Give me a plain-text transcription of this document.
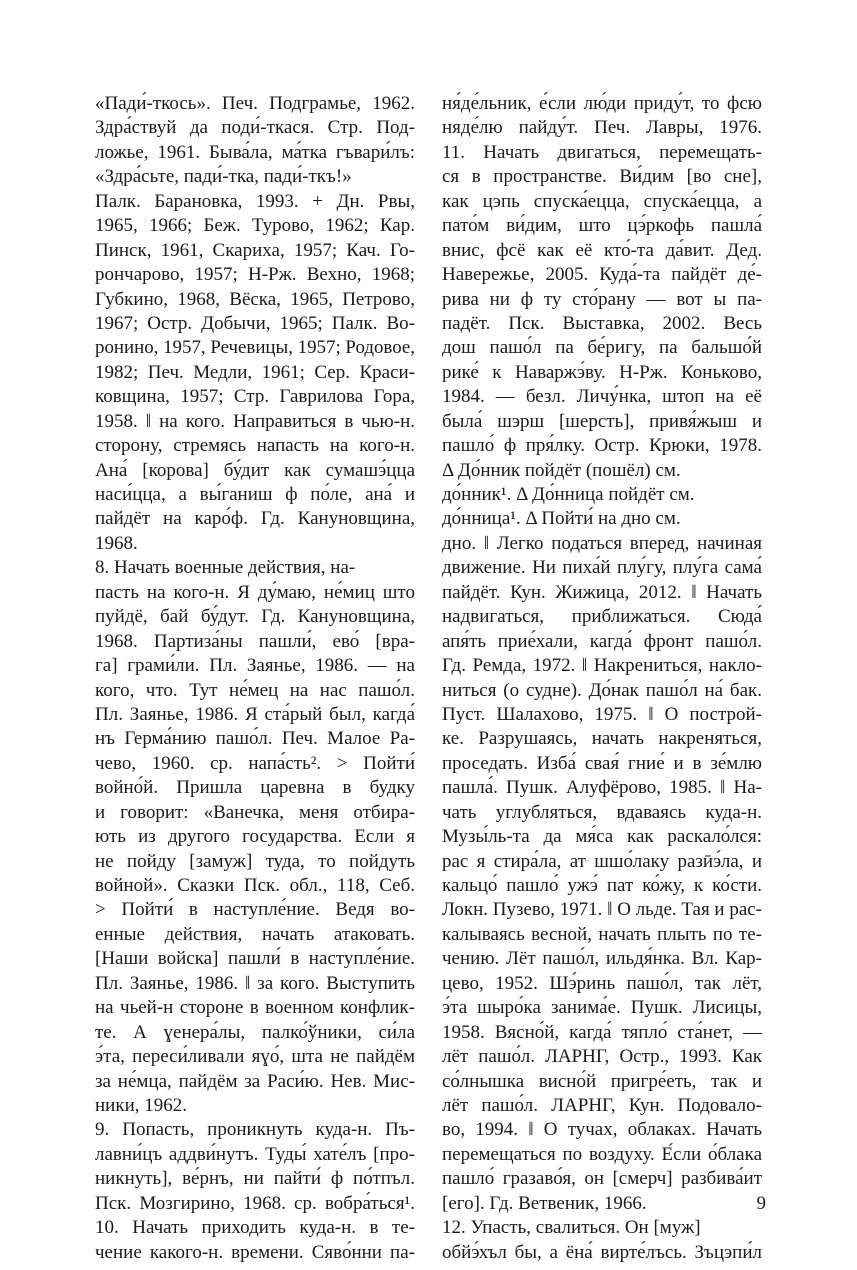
«Пади́-ткось». Печ. Подграмье, 1962.
Здра́ствуй да поди́-ткася. Стр. Под-
ложье, 1961. Быва́ла, ма́тка гъвари́лъ:
«Здра́сьте, пади́-тка, пади́-ткъ!»
Палк. Барановка, 1993. + Дн. Рвы,
1965, 1966; Беж. Турово, 1962; Кар.
Пинск, 1961, Скариха, 1957; Кач. Го-
рончарово, 1957; Н-Рж. Вехно, 1968;
Губкино, 1968, Вёска, 1965, Петрово,
1967; Остр. Добычи, 1965; Палк. Во-
ронино, 1957, Речевицы, 1957; Родовое,
1982; Печ. Медли, 1961; Сер. Краси-
ковщина, 1957; Стр. Гаврилова Гора,
1958. ‖ на кого. Направиться в чью-н.
сторону, стремясь напасть на кого-н.
Ана́ [корова] бу́дит как сумашэ́цца
наси́цца, а вы́ганиш ф по́ле, ана́ и
пайдёт на каро́ф. Гд. Кануновщина,
1968.
8. Начать военные действия, на-
пасть на кого-н. Я ду́маю, не́миц што
пуйдё, бай бу́дут. Гд. Кануновщина,
1968. Партиза́ны пашли́, ево́ [вра-
га] грами́ли. Пл. Заянье, 1986. — на
кого, что. Тут не́мец на нас пашо́л.
Пл. Заянье, 1986. Я ста́рый был, кагда́
нъ Герма́нию пашо́л. Печ. Малое Ра-
чево, 1960. ср. напа́сть². > Пойти́
войно́й. Пришла царевна в будку
и говорит: «Ванечка, меня отбира-
ють из другого государства. Если я
не пойду [замуж] туда, то пойдуть
войной». Сказки Пск. обл., 118, Себ.
> Пойти́ в наступле́ние. Ведя во-
енные действия, начать атаковать.
[Наши войска] пашли́ в наступле́ние.
Пл. Заянье, 1986. ‖ за кого. Выступить
на чьей-н стороне в военном конфлик-
те. А ɣенера́лы, палко́ўники, си́ла
э́та, переси́ливали яɣо́, шта не пайдём
за не́мца, пайдём за Раси́ю. Нев. Мис-
ники, 1962.
9. Попасть, проникнуть куда-н. Пъ-
лавни́цъ аддви́нутъ. Туды́ хате́лъ [про-
никнуть], ве́рнъ, ни пайти́ ф по́тпъл.
Пск. Мозгирино, 1968. ср. вобра́ться¹.
10. Начать приходить куда-н. в те-
чение какого-н. времени. Сяво́нни па-
ня́де́льник, е́сли лю́ди приду́т, то фсю
няде́лю пайду́т. Печ. Лавры, 1976.
11. Начать двигаться, перемещать-
ся в пространстве. Ви́дим [во сне],
как цэпь спуска́ецца, спуска́ецца, а
пато́м ви́дим, што цэ́ркофь пашла́
внис, фсё как её кто́-та да́вит. Дед.
Навережье, 2005. Куда́-та пайдёт де́-
рива ни ф ту сто́рану — вот ы па-
падёт. Пск. Выставка, 2002. Весь
дош пашо́л па бе́ригу, па бальшо́й
рике́ к Наваржэ́ву. Н-Рж. Коньково,
1984. — безл. Личу́нка, штоп на её
была́ шэрш [шерсть], привя́жыш и
пашло́ ф пря́лку. Остр. Крюки, 1978.
Δ До́нник пойдёт (пошёл) см.
до́нник¹. Δ До́нница пойдёт см.
до́нница¹. Δ Пойти́ на дно см.
дно. ‖ Легко податься вперед, начиная
движение. Ни пиха́й плу́гу, плу́га сама́
пайдёт. Кун. Жижица, 2012. ‖ Начать
надвигаться, приближаться. Сюда́
апя́ть прие́хали, кагда́ фронт пашо́л.
Гд. Ремда, 1972. ‖ Накрениться, накло-
ниться (о судне). До́нак пашо́л на́ бак.
Пуст. Шалахово, 1975. ‖ О построй-
ке. Разрушаясь, начать накреняться,
проседать. Изба́ свая́ гние́ и в зе́млю
пашла́. Пушк. Алуфёрово, 1985. ‖ На-
чать углубляться, вдаваясь куда-н.
Музы́ль-та да мя́са как раскало́лся:
рас я стира́ла, ат шшо́лаку разӣэ́ла, и
кальцо́ пашло́ ужэ́ пат ко́жу, к ко́сти.
Локн. Пузево, 1971. ‖ О льде. Тая и рас-
калываясь весной, начать плыть по те-
чению. Лёт пашо́л, ильдя́нка. Вл. Кар-
цево, 1952. Шэ́ринь пашо́л, так лёт,
э́та шыро́ка занима́е. Пушк. Лисицы,
1958. Вясно́й, кагда́ тяпло́ ста́нет, —
лёт пашо́л. ЛАРНГ, Остр., 1993. Как
со́лнышка висно́й пригре́еть, так и
лёт пашо́л. ЛАРНГ, Кун. Подовало-
во, 1994. ‖ О тучах, облаках. Начать
перемещаться по воздуху. Е́сли о́блака
пашло́ гразаво́я, он [смерч] разбива́ит
[его]. Гд. Ветвеник, 1966.
12. Упасть, свалиться. Он [муж]
обйэ́хъл бы, а ёна́ вирте́лъсь. Зъцэпи́л
9
